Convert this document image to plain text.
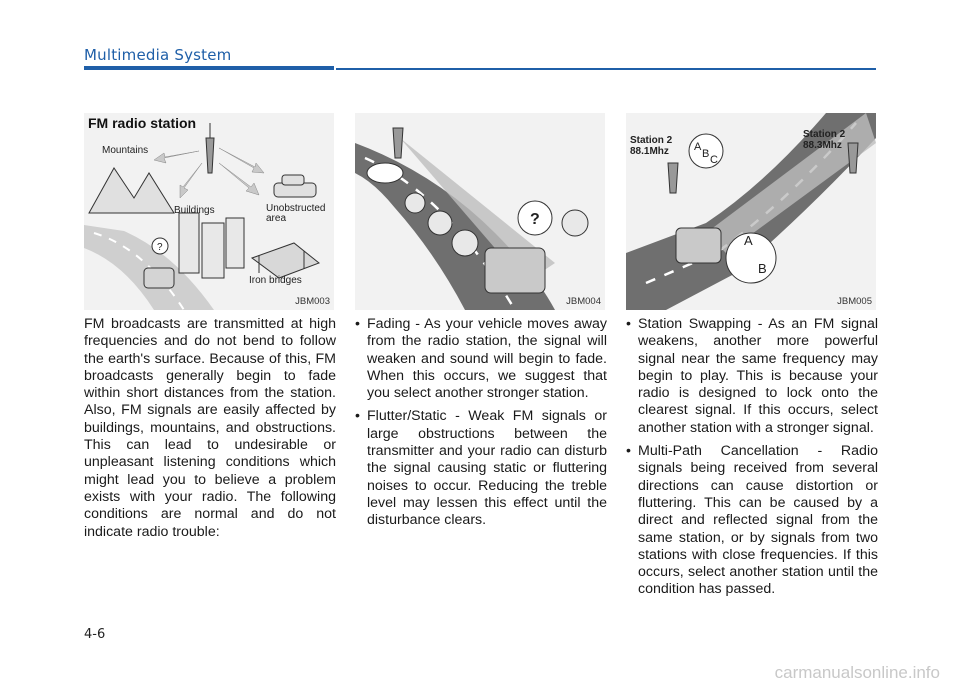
Multimedia System
?
Mountains
Buildings	Unobstructed
area
Iron bridges
FM radio station
JBM003
?
JBM004
Station 2
88.1Mhz
Station 2
88.3Mhz
A
B C
A
B
JBM005

FM broadcasts are transmitted at high frequencies and do not bend to follow the earth's surface. Because of this, FM broadcasts generally begin to fade within short distances from the station. Also, FM signals are easily affected by buildings, mountains, and obstructions. This can lead to undesirable or unpleasant listening conditions which might lead you to believe a problem exists with your radio. The following conditions are normal and do not indicate radio trouble:

• Fading - As your vehicle moves away from the radio station, the signal will weaken and sound will begin to fade. When this occurs, we suggest that you select another stronger station.
• Flutter/Static - Weak FM signals or large obstructions between the transmitter and your radio can disturb the signal causing static or fluttering noises to occur. Reducing the treble level may lessen this effect until the disturbance clears.
• Station Swapping - As an FM signal weakens, another more powerful signal near the same frequency may begin to play. This is because your radio is designed to lock onto the clearest signal. If this occurs, select another station with a stronger signal.
• Multi-Path Cancellation - Radio signals being received from several directions can cause distortion or fluttering. This can be caused by a direct and reflected signal from the same station, or by signals from two stations with close frequencies. If this occurs, select another station until the condition has passed.
4-6
carmanualsonline.info
